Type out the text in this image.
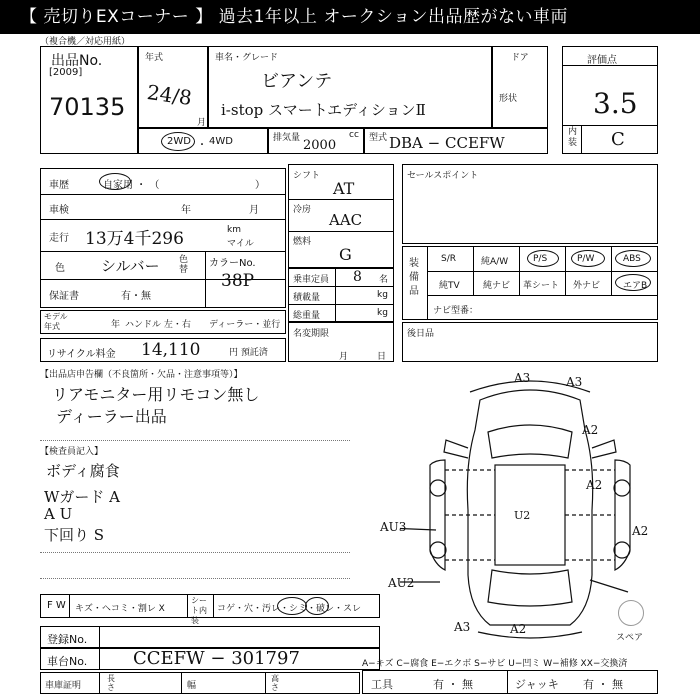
【 売切りEXコーナー 】 過去1年以上 オークション出品歴がない車両
（複合機／対応用紙）
出品No.
[2009]
70135
年式
24/8
月
車名・グレード
ビアンテ
i-stop スマートエディションⅡ
ドア
形状
2WD ・ 4WD	排気量	cc
2000	型式 DBA − CCEFW
評価点
3.5
内装 C
車歴	自家用 ・ （	）
車検	年	月
走行 13万4千296	km
マイル
色 シルバー 色替
カラーNo.
38P
保証書	有・無
モデル年式	年 ハンドル 左・右 ディーラー・並行
リサイクル料金 14,110	円 預託済
シフト
AT
冷房
AAC
燃料
G
乗車定員 8 名
積載量	kg
総重量	kg
名変期限
月	日
セールスポイント
装備品
S/R	純A/W	P/S	P/W	ABS
純TV	純ナビ 革シート 外ナビ	エアB
ナビ型番：
後日品
【出品店申告欄（不良箇所・欠品・注意事項等）】
リアモニター用リモコン無し
ディーラー出品
【検査員記入】
ボディ腐食
Wガード A
A U
下回り S
A3	A3
A2
A2
AU3
AU2
U2
A3	A2
A2
スペア
F W キズ・ヘコミ・割レ X
シート内装
コゲ・穴・汚レ・シミ・破レ・スレ
登録No.
車台No.	CCEFW − 301797
車庫証明
長さ	幅
高さ
A−キズ C−腐食 E−エクボ S−サビ U−凹ミ W−補修 XX−交換済
工具	有 ・ 無	ジャッキ 有 ・ 無
